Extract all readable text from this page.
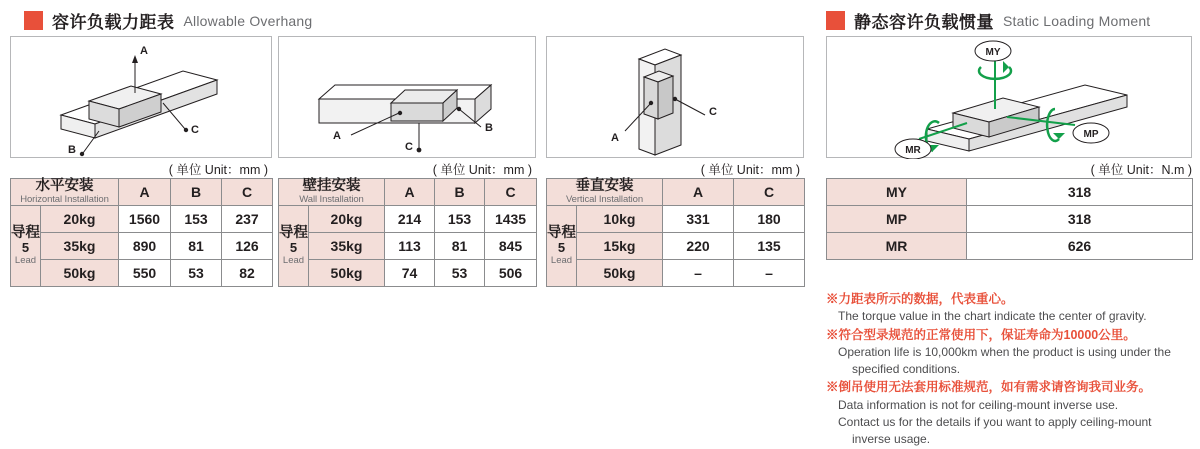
容许负载力距表 Allowable Overhang	静态容许负载惯量 Static Loading Moment
A
B
C
( 单位 Unit：mm )
A
B
C
( 单位 Unit：mm )
A
C
( 单位 Unit：mm )
MY
MP
MR
( 单位 Unit：N.m )
水平安装
Horizontal Installation		A	B	C

导程
5
Lead	20kg	1560	153	237
	35kg	890	81	126
	50kg	550	53	82
壁挂安装
Wall Installation		A	B	C

导程
5
Lead	20kg	214	153	1435
	35kg	113	81	845
	50kg	74	53	506
垂直安装
Vertical Installation		A	C

导程
5
Lead	10kg	331	180
	15kg	220	135
	50kg	–	–
MY	318
MP	318
MR	626
※力距表所示的数据，代表重心。
The torque value in the chart indicate the center of gravity.
※符合型录规范的正常使用下，保证寿命为10000公里。
Operation life is 10,000km when the product is using under the
specified conditions.
※倒吊使用无法套用标准规范，如有需求请咨询我司业务。
Data information is not for ceiling-mount inverse use.
Contact us for the details if you want to apply ceiling-mount
inverse usage.
